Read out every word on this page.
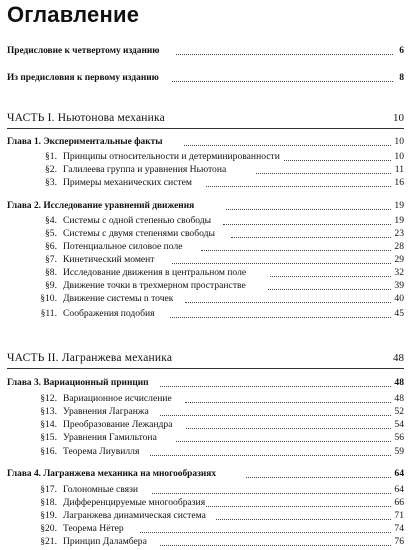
Оглавление
Предисловие к четвертому изданию	6
Из предисловия к первому изданию	8
ЧАСТЬ I. Ньютонова механика	10
Глава 1. Экспериментальные факты	10
§1. Принципы относительности и детерминированности	10
§2. Галилеева группа и уравнения Ньютона	11
§3. Примеры механических систем	16
Глава 2. Исследование уравнений движения	19
§4. Системы с одной степенью свободы	19
§5. Системы с двумя степенями свободы	23
§6. Потенциальное силовое поле	28
§7. Кинетический момент	29
§8. Исследование движения в центральном поле	32
§9. Движение точки в трехмерном пространстве	39
§10. Движение системы n точек	40
§11. Соображения подобия	45
ЧАСТЬ II. Лагранжева механика	48
Глава 3. Вариационный принцип	48
§12. Вариационное исчисление	48
§13. Уравнения Лагранжа	52
§14. Преобразование Лежандра	54
§15. Уравнения Гамильтона	56
§16. Теорема Лиувилля	59
Глава 4. Лагранжева механика на многообразиях	64
§17. Голономные связи	64
§18. Дифференцируемые многообразия	66
§19. Лагранжева динамическая система	71
§20. Теорема Нётер	74
§21. Принцип Даламбера	76
